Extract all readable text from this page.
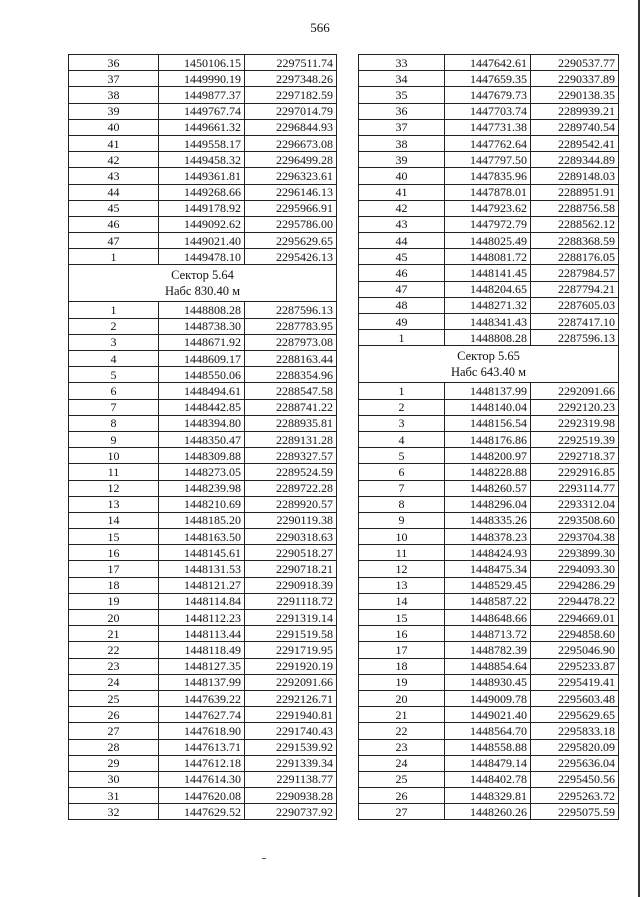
566
36	1450106.15	2297511.74
37	1449990.19	2297348.26
38	1449877.37	2297182.59
39	1449767.74	2297014.79
40	1449661.32	2296844.93
41	1449558.17	2296673.08
42	1449458.32	2296499.28
43	1449361.81	2296323.61
44	1449268.66	2296146.13
45	1449178.92	2295966.91
46	1449092.62	2295786.00
47	1449021.40	2295629.65
1	1449478.10	2295426.13

Сектор 5.64
Набс 830.40 м		

1	1448808.28	2287596.13
2	1448738.30	2287783.95
3	1448671.92	2287973.08
4	1448609.17	2288163.44
5	1448550.06	2288354.96
6	1448494.61	2288547.58
7	1448442.85	2288741.22
8	1448394.80	2288935.81
9	1448350.47	2289131.28
10	1448309.88	2289327.57
11	1448273.05	2289524.59
12	1448239.98	2289722.28
13	1448210.69	2289920.57
14	1448185.20	2290119.38
15	1448163.50	2290318.63
16	1448145.61	2290518.27
17	1448131.53	2290718.21
18	1448121.27	2290918.39
19	1448114.84	2291118.72
20	1448112.23	2291319.14
21	1448113.44	2291519.58
22	1448118.49	2291719.95
23	1448127.35	2291920.19
24	1448137.99	2292091.66
25	1447639.22	2292126.71
26	1447627.74	2291940.81
27	1447618.90	2291740.43
28	1447613.71	2291539.92
29	1447612.18	2291339.34
30	1447614.30	2291138.77
31	1447620.08	2290938.28
32	1447629.52	2290737.92
33	1447642.61	2290537.77
34	1447659.35	2290337.89
35	1447679.73	2290138.35
36	1447703.74	2289939.21
37	1447731.38	2289740.54
38	1447762.64	2289542.41
39	1447797.50	2289344.89
40	1447835.96	2289148.03
41	1447878.01	2288951.91
42	1447923.62	2288756.58
43	1447972.79	2288562.12
44	1448025.49	2288368.59
45	1448081.72	2288176.05
46	1448141.45	2287984.57
47	1448204.65	2287794.21
48	1448271.32	2287605.03
49	1448341.43	2287417.10
1	1448808.28	2287596.13

Сектор 5.65
Набс 643.40 м		

1	1448137.99	2292091.66
2	1448140.04	2292120.23
3	1448156.54	2292319.98
4	1448176.86	2292519.39
5	1448200.97	2292718.37
6	1448228.88	2292916.85
7	1448260.57	2293114.77
8	1448296.04	2293312.04
9	1448335.26	2293508.60
10	1448378.23	2293704.38
11	1448424.93	2293899.30
12	1448475.34	2294093.30
13	1448529.45	2294286.29
14	1448587.22	2294478.22
15	1448648.66	2294669.01
16	1448713.72	2294858.60
17	1448782.39	2295046.90
18	1448854.64	2295233.87
19	1448930.45	2295419.41
20	1449009.78	2295603.48
21	1449021.40	2295629.65
22	1448564.70	2295833.18
23	1448558.88	2295820.09
24	1448479.14	2295636.04
25	1448402.78	2295450.56
26	1448329.81	2295263.72
27	1448260.26	2295075.59
